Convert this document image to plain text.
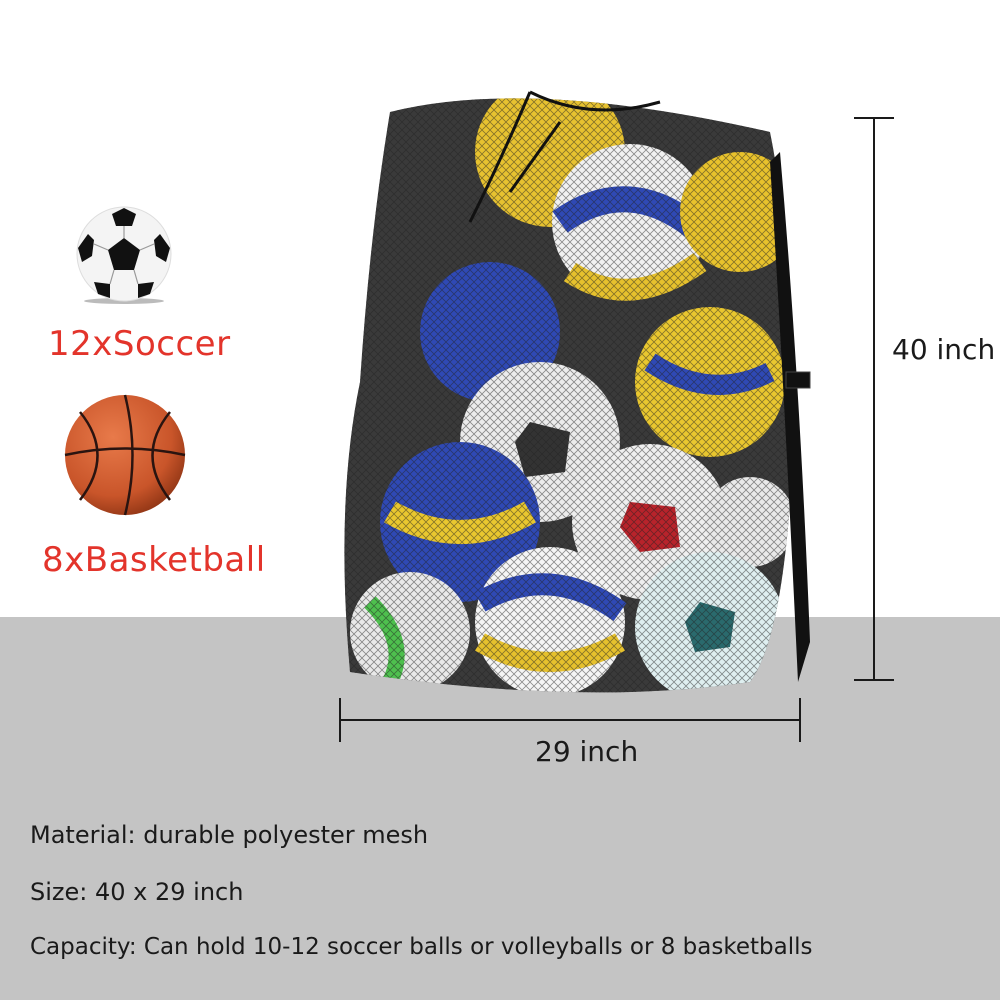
12xSoccer
8xBasketball
40 inch
29 inch
Material: durable polyester mesh
Size: 40 x 29 inch
Capacity: Can hold 10-12 soccer balls or volleyballs or 8 basketballs
